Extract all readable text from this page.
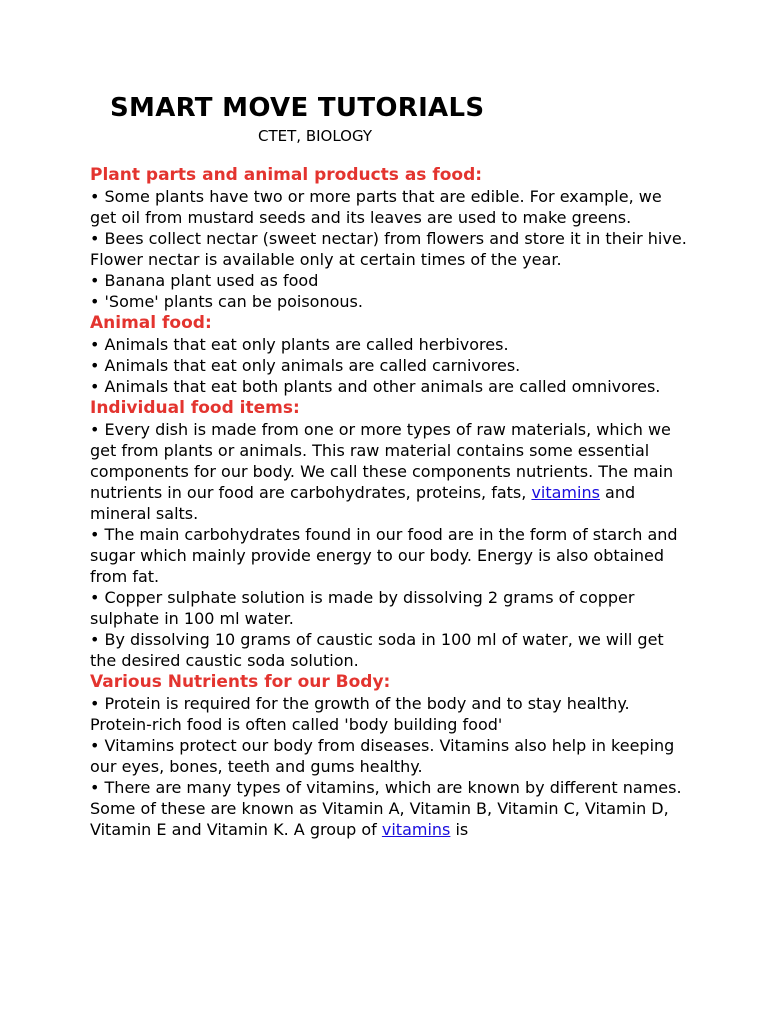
SMART MOVE TUTORIALS

CTET, BIOLOGY

Plant parts and animal products as food:

• Some plants have two or more parts that are edible. For example, we get oil from mustard seeds and its leaves are used to make greens.

• Bees collect nectar (sweet nectar) from flowers and store it in their hive. Flower nectar is available only at certain times of the year.

• Banana plant used as food

• 'Some' plants can be poisonous.

Animal food:

• Animals that eat only plants are called herbivores.

• Animals that eat only animals are called carnivores.

• Animals that eat both plants and other animals are called omnivores.

Individual food items:

• Every dish is made from one or more types of raw materials, which we get from plants or animals. This raw material contains some essential components for our body. We call these components nutrients. The main nutrients in our food are carbohydrates, proteins, fats, vitamins and mineral salts.

• The main carbohydrates found in our food are in the form of starch and sugar which mainly provide energy to our body. Energy is also obtained from fat.

• Copper sulphate solution is made by dissolving 2 grams of copper sulphate in 100 ml water.

• By dissolving 10 grams of caustic soda in 100 ml of water, we will get the desired caustic soda solution.

Various Nutrients for our Body:

• Protein is required for the growth of the body and to stay healthy. Protein-rich food is often called 'body building food'

• Vitamins protect our body from diseases. Vitamins also help in keeping our eyes, bones, teeth and gums healthy.

• There are many types of vitamins, which are known by different names. Some of these are known as Vitamin A, Vitamin B, Vitamin C, Vitamin D, Vitamin E and Vitamin K. A group of vitamins is
